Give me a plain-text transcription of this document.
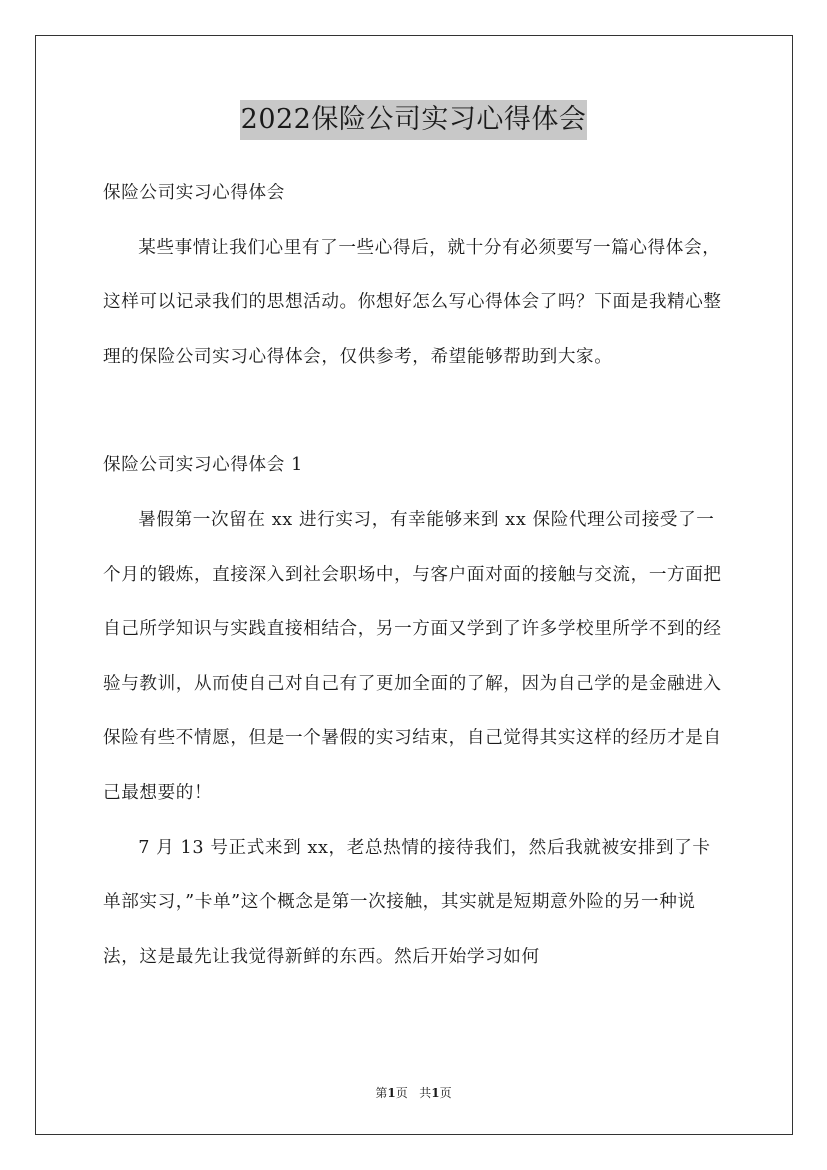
2022保险公司实习心得体会

保险公司实习心得体会

某些事情让我们心里有了一些心得后，就十分有必须要写一篇心得体会，这样可以记录我们的思想活动。你想好怎么写心得体会了吗？下面是我精心整理的保险公司实习心得体会，仅供参考，希望能够帮助到大家。

保险公司实习心得体会 1

暑假第一次留在 xx 进行实习，有幸能够来到 xx 保险代理公司接受了一个月的锻炼，直接深入到社会职场中，与客户面对面的接触与交流，一方面把自己所学知识与实践直接相结合，另一方面又学到了许多学校里所学不到的经验与教训，从而使自己对自己有了更加全面的了解，因为自己学的是金融进入保险有些不情愿，但是一个暑假的实习结束，自己觉得其实这样的经历才是自己最想要的！

7 月 13 号正式来到 xx，老总热情的接待我们，然后我就被安排到了卡单部实习，”卡单”这个概念是第一次接触，其实就是短期意外险的另一种说法，这是最先让我觉得新鲜的东西。然后开始学习如何

第1页 共1页
